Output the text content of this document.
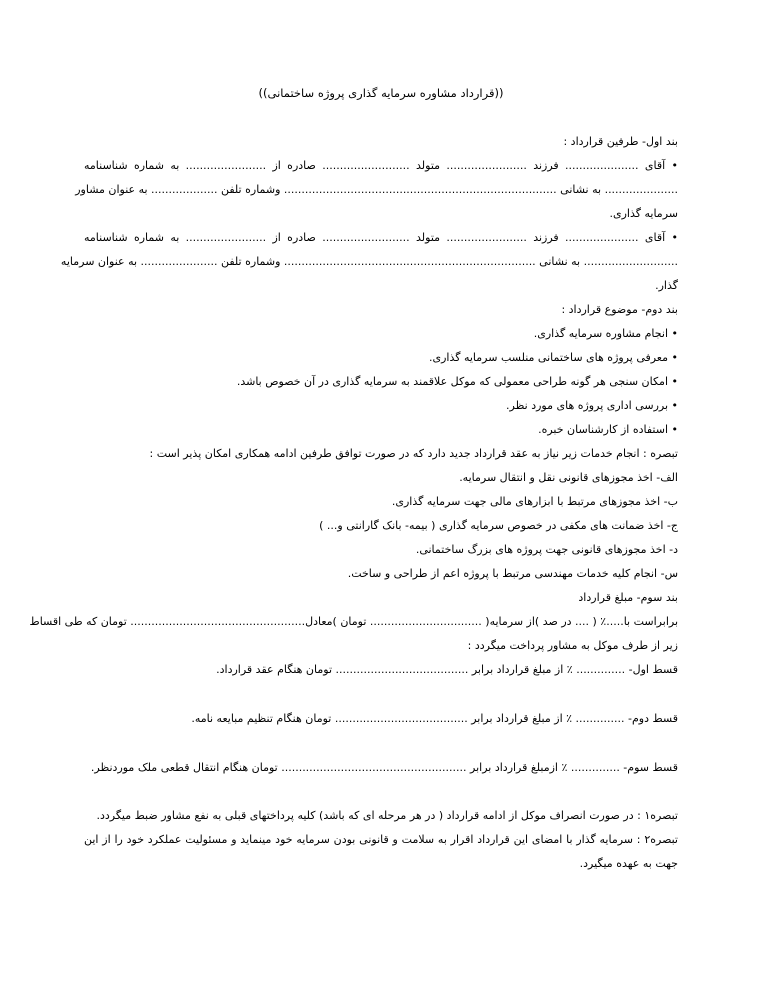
((قرارداد مشاوره سرمایه گذاری پروژه ساختمانی))
بند اول- طرفین قرارداد :
• آقای ..................... فرزند ....................... متولد ......................... صادره از ....................... به شماره شناسنامه
..................... به نشانی .............................................................................. وشماره تلفن ................... به عنوان مشاور
سرمایه گذاری.
• آقای ..................... فرزند ....................... متولد ......................... صادره از ....................... به شماره شناسنامه
........................... به نشانی ........................................................................ وشماره تلفن ...................... به عنوان سرمایه
گذار.
بند دوم- موضوع قرارداد :
• انجام مشاوره سرمایه گذاری.
• معرفی پروژه های ساختمانی منلسب سرمایه گذاری.
• امکان سنجی هر گونه طراحی معمولی که موکل علاقمند به سرمایه گذاری در آن خصوص باشد.
• بررسی اداری پروژه های مورد نظر.
• استفاده از کارشناسان خبره.
تبصره : انجام خدمات زیر نیاز به عقد قرارداد جدید دارد که در صورت توافق طرفین ادامه همکاری امکان پذیر است :
الف- اخذ مجوزهای قانونی نقل و انتقال سرمایه.
ب- اخذ مجوزهای مرتبط با ابزارهای مالی جهت سرمایه گذاری.
ج- اخذ ضمانت های مکفی در خصوص سرمایه گذاری ( بیمه- بانک گارانتی و... )
د- اخذ مجوزهای قانونی جهت پروژه های بزرگ ساختمانی.
س- انجام کلیه خدمات مهندسی مرتبط با پروژه اعم از طراحی و ساخت.
بند سوم- مبلغ قرارداد
برابراست با.....٪ ( .... در صد )از سرمایه( ................................ تومان )معادل.................................................. تومان که طی اقساط
زیر از طرف موکل به مشاور پرداخت میگردد :
قسط اول- .............. ٪ از مبلغ قرارداد برابر ...................................... تومان هنگام عقد قرارداد.
قسط دوم- .............. ٪ از مبلغ قرارداد برابر ...................................... تومان هنگام تنظیم مبایعه نامه.
قسط سوم- .............. ٪ ازمبلغ قرارداد برابر ..................................................... تومان هنگام انتقال قطعی ملک موردنظر.
تبصره۱ : در صورت انصراف موکل از ادامه قرارداد ( در هر مرحله ای که باشد) کلیه پرداختهای قبلی به نفع مشاور ضبط میگردد.
تبصره۲ : سرمایه گذار با امضای این قرارداد اقرار به سلامت و قانونی بودن سرمایه خود مینماید و مسئولیت عملکرد خود را از این
جهت به عهده میگیرد.
